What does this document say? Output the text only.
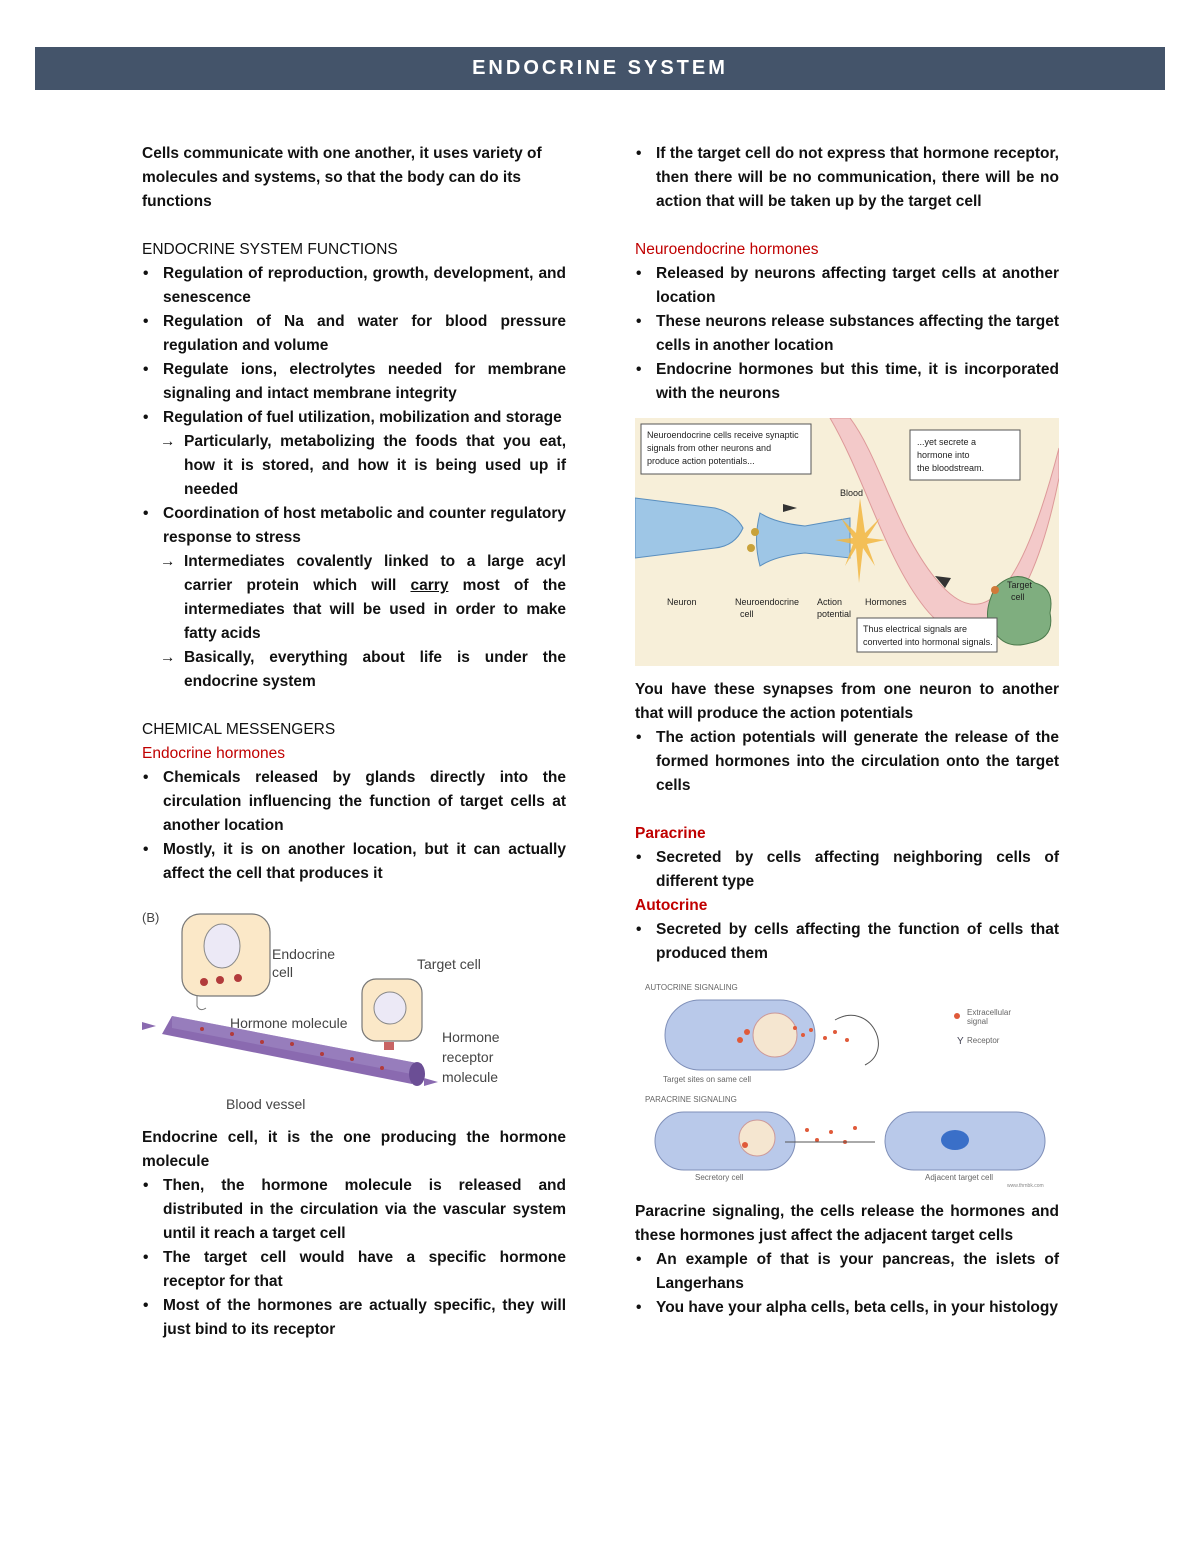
ENDOCRINE SYSTEM

Cells communicate with one another, it uses variety of molecules and systems, so that the body can do its functions

ENDOCRINE SYSTEM FUNCTIONS

• Regulation of reproduction, growth, development, and senescence
• Regulation of Na and water for blood pressure regulation and volume
• Regulate ions, electrolytes needed for membrane signaling and intact membrane integrity
• Regulation of fuel utilization, mobilization and storage

→ Particularly, metabolizing the foods that you eat, how it is stored, and how it is being used up if needed

• Coordination of host metabolic and counter regulatory response to stress

→ Intermediates covalently linked to a large acyl carrier protein which will carry most of the intermediates that will be used in order to make fatty acids

→ Basically, everything about life is under the endocrine system

CHEMICAL MESSENGERS

Endocrine hormones

• Chemicals released by glands directly into the circulation influencing the function of target cells at another location
• Mostly, it is on another location, but it can actually affect the cell that produces it
(B)
Endocrine
cell	Target cell
Hormone molecule
Hormone
receptor
molecule
Blood vessel

Endocrine cell, it is the one producing the hormone molecule

• Then, the hormone molecule is released and distributed in the circulation via the vascular system until it reach a target cell
• The target cell would have a specific hormone receptor for that
• Most of the hormones are actually specific, they will just bind to its receptor
• If the target cell do not express that hormone receptor, then there will be no communication, there will be no action that will be taken up by the target cell

Neuroendocrine hormones

• Released by neurons affecting target cells at another location
• These neurons release substances affecting the target cells in another location
• Endocrine hormones but this time, it is incorporated with the neurons
Neuroendocrine cells receive synaptic
signals from other neurons and
produce action potentials...
...yet secrete a
hormone into
the bloodstream.
Thus electrical signals are
converted into hormonal signals.
Blood
Neuron	Neuroendocrine
cell
Action
potential
Hormones
Target
cell

You have these synapses from one neuron to another that will produce the action potentials

• The action potentials will generate the release of the formed hormones into the circulation onto the target cells

Paracrine

• Secreted by cells affecting neighboring cells of different type

Autocrine

• Secreted by cells affecting the function of cells that produced them
AUTOCRINE SIGNALING
Target sites on same cell
Extracellular
signal
Y Receptor
PARACRINE SIGNALING
Secretory cell	Adjacent target cell
www.thrnbk.com

Paracrine signaling, the cells release the hormones and these hormones just affect the adjacent target cells

• An example of that is your pancreas, the islets of Langerhans
• You have your alpha cells, beta cells, in your histology
